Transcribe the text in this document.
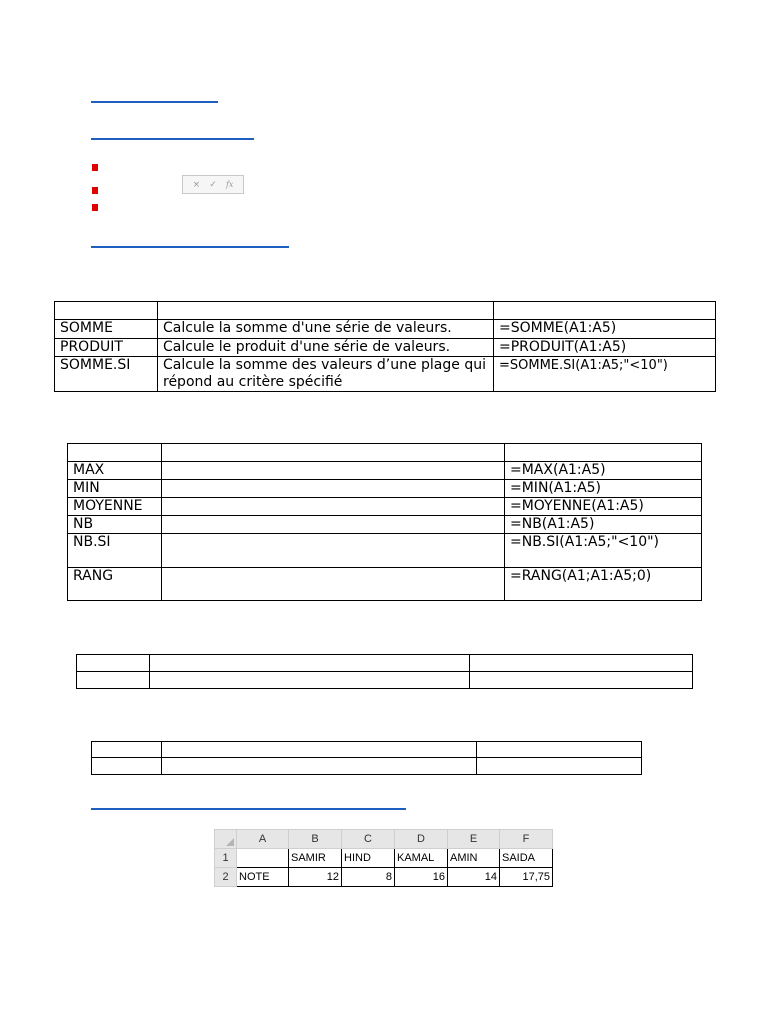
× ✓ fx

SOMME	Calcule la somme d'une série de valeurs.	=SOMME(A1:A5)
PRODUIT	Calcule le produit d'une série de valeurs.	=PRODUIT(A1:A5)
SOMME.SI	Calcule la somme des valeurs d’une plage qui répond au critère spécifié	=SOMME.SI(A1:A5;"<10")

MAX		=MAX(A1:A5)
MIN		=MIN(A1:A5)
MOYENNE		=MOYENNE(A1:A5)
NB		=NB(A1:A5)
NB.SI		=NB.SI(A1:A5;"<10")
RANG		=RANG(A1;A1:A5;0)

	A	B	C	D	E	F
1		SAMIR	HIND	KAMAL	AMIN	SAIDA
2	NOTE	12	8	16	14	17,75
